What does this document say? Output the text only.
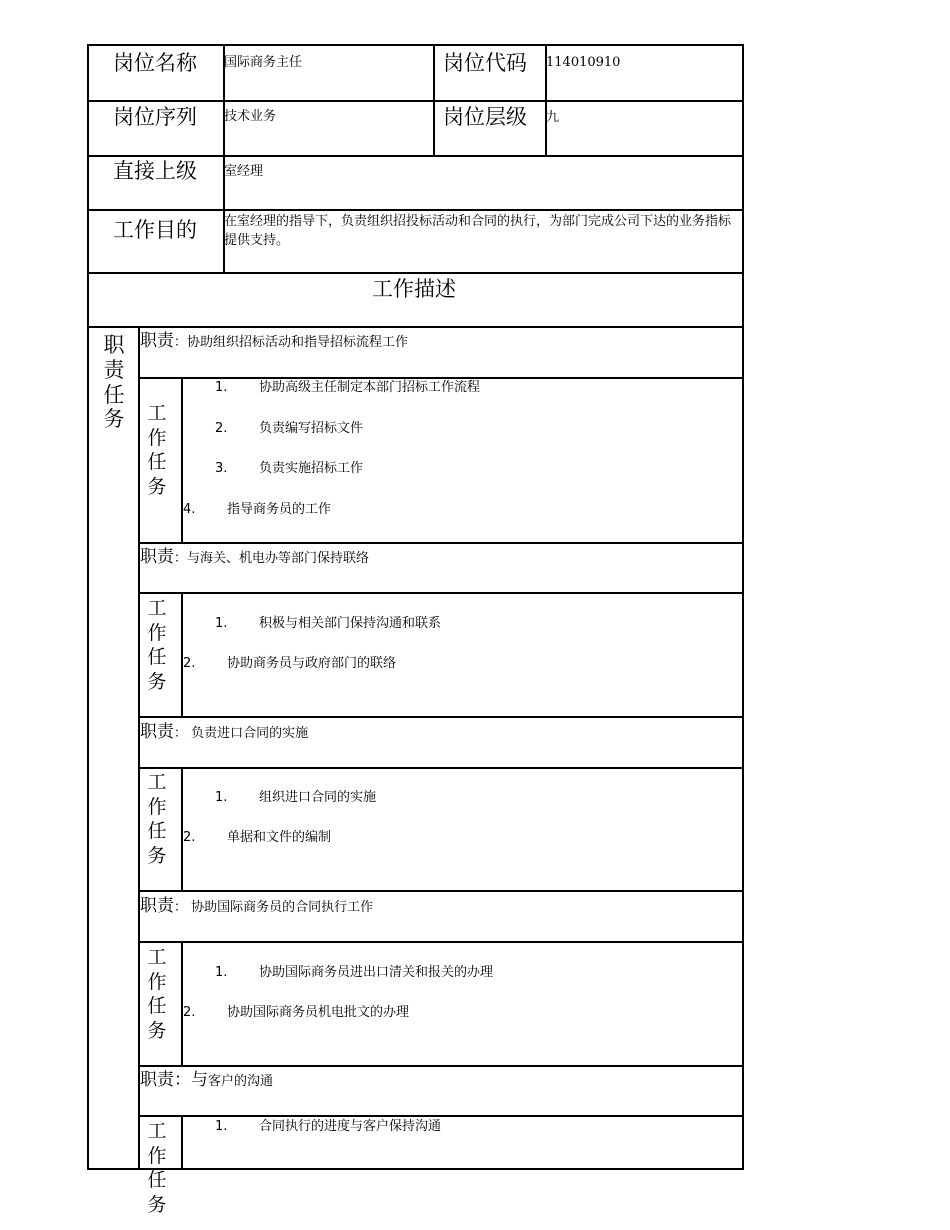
岗位名称 国际商务主任	岗位代码 114010910
岗位序列 技术业务	岗位层级 九
直接上级 室经理
工作目的 在室经理的指导下，负责组织招投标活动和合同的执行，为部门完成公司下达的业务指标提供支持。
工作描述
职责任务
职责：协助组织招标活动和指导招标流程工作
工作任务
1. 协助高级主任制定本部门招标工作流程
2. 负责编写招标文件
3. 负责实施招标工作
4. 指导商务员的工作
职责：与海关、机电办等部门保持联络
工作任务
1. 积极与相关部门保持沟通和联系
2. 协助商务员与政府部门的联络
职责： 负责进口合同的实施
工作任务
1. 组织进口合同的实施
2. 单据和文件的编制
职责： 协助国际商务员的合同执行工作
工作任务
1. 协助国际商务员进出口清关和报关的办理
2. 协助国际商务员机电批文的办理
职责：与客户的沟通
工作任务
1. 合同执行的进度与客户保持沟通
